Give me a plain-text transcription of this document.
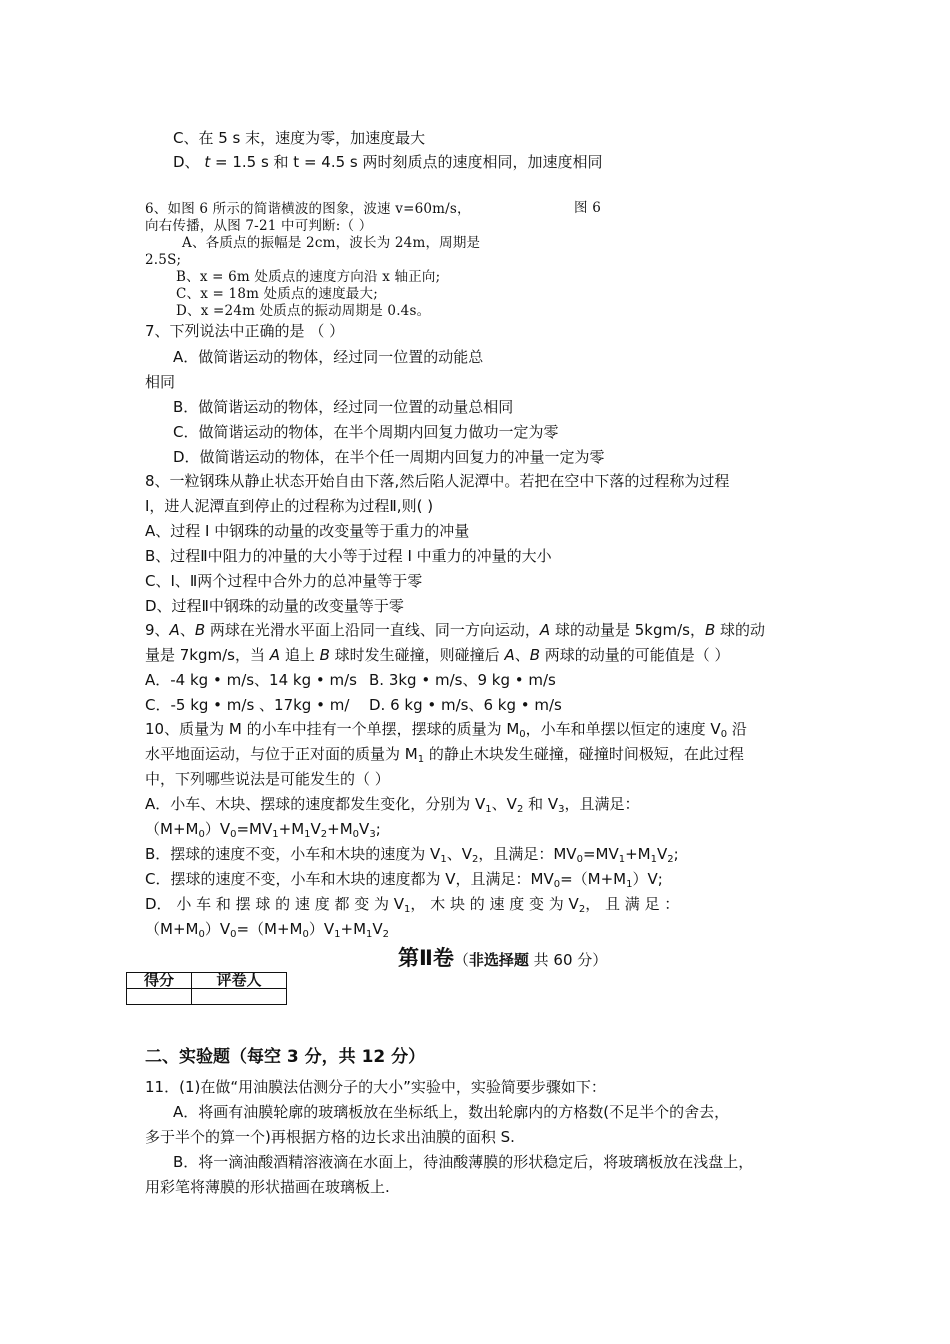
C、在 5 s 末，速度为零，加速度最大
D、 t = 1.5 s 和 t = 4.5 s 两时刻质点的速度相同，加速度相同
6、如图 6 所示的简谐横波的图象，波速 v=60m/s，	图 6
向右传播，从图 7-21 中可判断:（ ）
A、各质点的振幅是 2cm，波长为 24m，周期是
2.5S;
B、x = 6m 处质点的速度方向沿 x 轴正向;
C、x = 18m 处质点的速度最大;
D、x =24m 处质点的振动周期是 0.4s。
7、下列说法中正确的是 （ ）
A．做简谐运动的物体，经过同一位置的动能总
相同
B．做简谐运动的物体，经过同一位置的动量总相同
C．做简谐运动的物体，在半个周期内回复力做功一定为零
D．做简谐运动的物体，在半个任一周期内回复力的冲量一定为零
8、一粒钢珠从静止状态开始自由下落,然后陷人泥潭中。若把在空中下落的过程称为过程
Ⅰ，进人泥潭直到停止的过程称为过程Ⅱ,则( )
A、过程 I 中钢珠的动量的改变量等于重力的冲量
B、过程Ⅱ中阻力的冲量的大小等于过程 I 中重力的冲量的大小
C、I、Ⅱ两个过程中合外力的总冲量等于零
D、过程Ⅱ中钢珠的动量的改变量等于零
9、A、B 两球在光滑水平面上沿同一直线、同一方向运动，A 球的动量是 5kgm/s，B 球的动
量是 7kgm/s，当 A 追上 B 球时发生碰撞，则碰撞后 A、B 两球的动量的可能值是（ ）
A．-4 kg • m/s、14 kg • m/s B. 3kg • m/s、9 kg • m/s
C．-5 kg • m/s 、17kg • m/ D. 6 kg • m/s、6 kg • m/s
10、质量为 M 的小车中挂有一个单摆，摆球的质量为 $M_0$，小车和单摆以恒定的速度 $V_0$ 沿
水平地面运动，与位于正对面的质量为 $M_1$ 的静止木块发生碰撞，碰撞时间极短，在此过程
中，下列哪些说法是可能发生的（ ）
A．小车、木块、摆球的速度都发生变化，分别为 $V_1$、$V_2$ 和 $V_3$，且满足：
$(M+M_0)V_0=MV_1+M_1V_2+M_0V_3$;
B．摆球的速度不变，小车和木块的速度为 $V_1$、$V_2$，且满足：$MV_0=MV_1+M_1V_2$;
C．摆球的速度不变，小车和木块的速度都为 V，且满足：$MV_0=(M+M_1)V$;
D． 小 车 和 摆 球 的 速 度 都 变 为 $V_1$， 木 块 的 速 度 变 为 $V_2$， 且 满 足 ：
$(M+M_0)V_0=(M+M_0)V_1+M_1V_2$
第Ⅱ卷（非选择题 共 60 分）
得分	评卷人

二、实验题（每空 3 分，共 12 分）
11．(1)在做“用油膜法估测分子的大小”实验中，实验简要步骤如下：
A．将画有油膜轮廓的玻璃板放在坐标纸上，数出轮廓内的方格数(不足半个的舍去，
多于半个的算一个)再根据方格的边长求出油膜的面积 S.
B．将一滴油酸酒精溶液滴在水面上，待油酸薄膜的形状稳定后，将玻璃板放在浅盘上，
用彩笔将薄膜的形状描画在玻璃板上.
